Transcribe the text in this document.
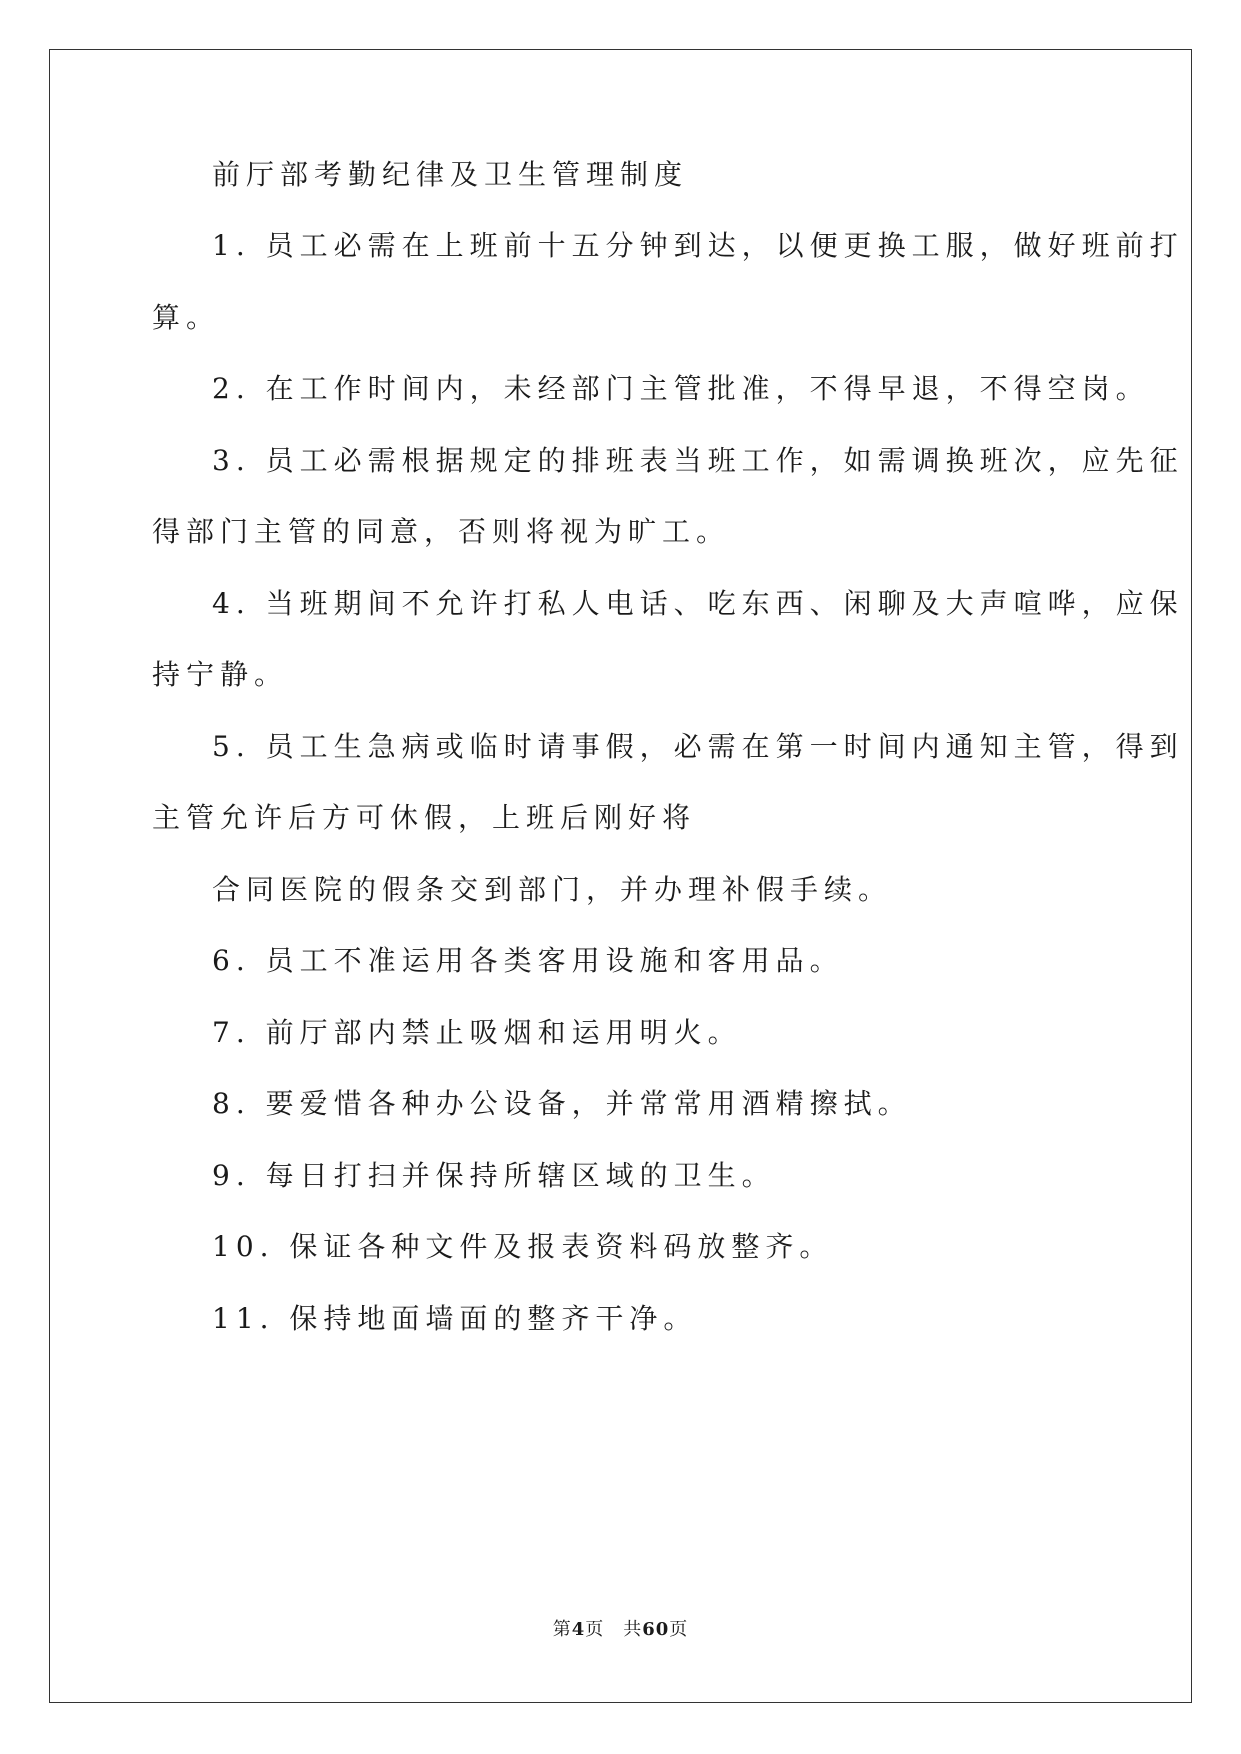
前厅部考勤纪律及卫生管理制度
1. 员工必需在上班前十五分钟到达，以便更换工服，做好班前打
算。
2. 在工作时间内，未经部门主管批准，不得早退，不得空岗。
3. 员工必需根据规定的排班表当班工作，如需调换班次，应先征
得部门主管的同意，否则将视为旷工。
4. 当班期间不允许打私人电话、吃东西、闲聊及大声喧哗，应保
持宁静。
5. 员工生急病或临时请事假，必需在第一时间内通知主管，得到
主管允许后方可休假，上班后刚好将
合同医院的假条交到部门，并办理补假手续。
6. 员工不准运用各类客用设施和客用品。
7. 前厅部内禁止吸烟和运用明火。
8. 要爱惜各种办公设备，并常常用酒精擦拭。
9. 每日打扫并保持所辖区域的卫生。
10. 保证各种文件及报表资料码放整齐。
11. 保持地面墙面的整齐干净。
第4页　共60页
